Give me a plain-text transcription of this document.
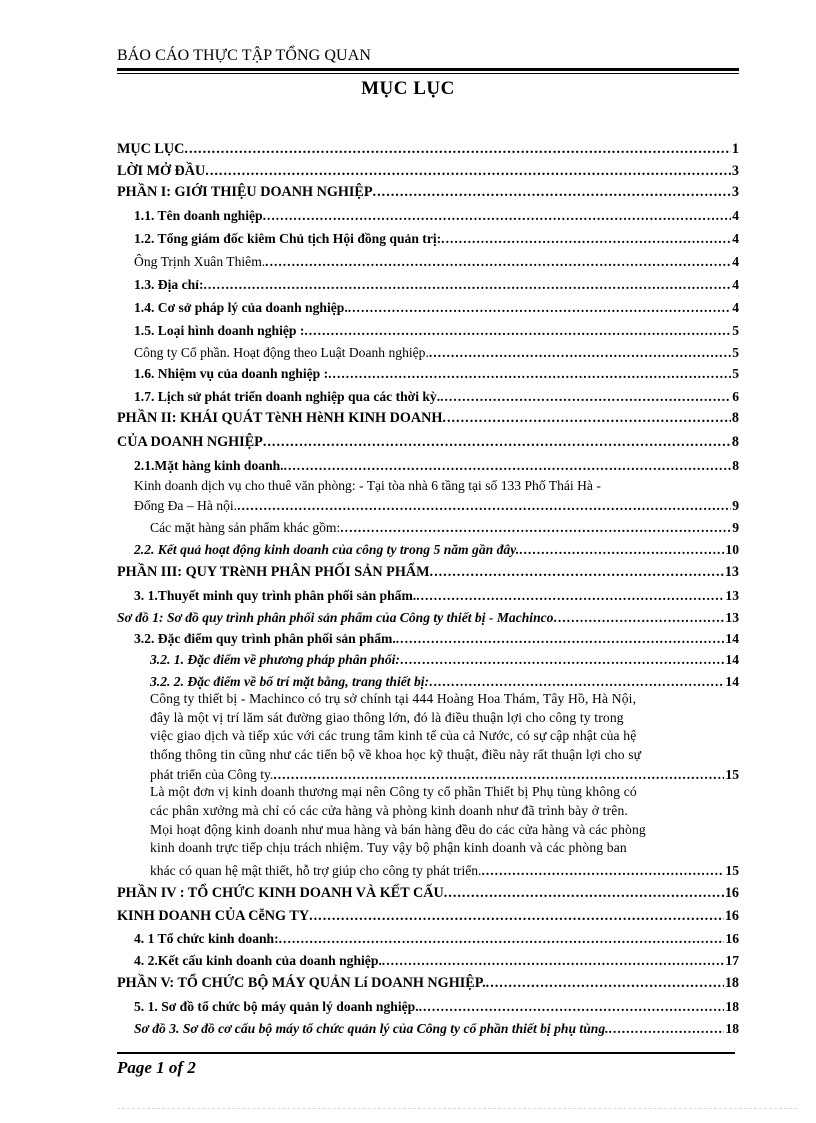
BÁO CÁO THỰC TẬP TỔNG QUAN
MỤC LỤC
MỤC LỤC .....	1
LỜI MỞ ĐẦU .....	3
PHẦN I: GIỚI THIỆU DOANH NGHIỆP .....	3
1.1. Tên doanh nghiệp .....	4
1.2. Tổng giám đốc kiêm Chủ tịch Hội đồng quản trị: .....	4
Ông Trịnh Xuân Thiêm. .....	4
1.3. Địa chỉ: .....	4
1.4. Cơ sở pháp lý của doanh nghiệp. .....	4
1.5. Loại hình doanh nghiệp : .....	5
Công ty Cổ phần. Hoạt động theo Luật Doanh nghiệp. .....	5
1.6. Nhiệm vụ của doanh nghiệp : .....	5
1.7. Lịch sử phát triển doanh nghiệp qua các thời kỳ. .....	6
PHẦN II: KHÁI QUÁT TèNH HèNH KINH DOANH .....	8
CỦA DOANH NGHIỆP .....	8
2.1.Mặt hàng kinh doanh. .....	8
Kinh doanh dịch vụ cho thuê văn phòng: - Tại tòa nhà 6 tầng tại số 133 Phố Thái Hà -
Đống Đa – Hà nội. .....	9
Các mặt hàng sản phẩm khác gồm: .....	9
2.2. Kết quả hoạt động kinh doanh của công ty trong 5 năm gần đây. .....	10
PHẦN III: QUY TRèNH PHÂN PHỐI SẢN PHẨM .....	13
3. 1.Thuyết minh quy trình phân phối sản phẩm. .....	13
Sơ đồ 1: Sơ đồ quy trình phân phối sản phẩm của Công ty thiết bị - Machinco .....	13
3.2. Đặc điểm quy trình phân phối sản phẩm. .....	14
3.2. 1. Đặc điểm về phương pháp phân phối: .....	14
3.2. 2. Đặc điểm về bố trí mặt bằng, trang thiết bị: .....	14
Công ty thiết bị - Machinco có trụ sở chính tại 444 Hoàng Hoa Thám, Tây Hồ, Hà Nội,
đây là một vị trí lăm sát đường giao thông lớn, đó là điều thuận lợi cho công ty trong
việc giao dịch và tiếp xúc với các trung tâm kinh tế của cả Nước, có sự cập nhật của hệ
thống thông tin cũng như các tiến bộ về khoa học kỹ thuật, điều này rất thuận lợi cho sự
phát triển của Công ty. .....	15
Là một đơn vị kinh doanh thương mại nên Công ty cổ phần Thiết bị Phụ tùng không có
các phân xưởng mà chỉ có các cửa hàng và phòng kinh doanh như đã trình bày ở trên.
Mọi hoạt động kinh doanh như mua hàng và bán hàng đều do các cửa hàng và các phòng
kinh doanh trực tiếp chịu trách nhiệm. Tuy vậy bộ phận kinh doanh và các phòng ban
khác có quan hệ mật thiết, hỗ trợ giúp cho công ty phát triển. .....	15
PHẦN IV : TỔ CHỨC KINH DOANH VÀ KẾT CẤU .....	16
KINH DOANH CỦA CễNG TY .....	16
4. 1 Tổ chức kinh doanh: .....	16
4. 2.Kết cấu kinh doanh của doanh nghiệp. .....	17
PHẦN V: TỔ CHỨC BỘ MÁY QUẢN Lí DOANH NGHIỆP. .....	18
5. 1. Sơ đồ tổ chức bộ máy quản lý doanh nghiệp. .....	18
Sơ đồ 3. Sơ đồ cơ cấu bộ máy tổ chức quản lý của Công ty cổ phần thiết bị phụ tùng. .....	18
Page 1 of 2
